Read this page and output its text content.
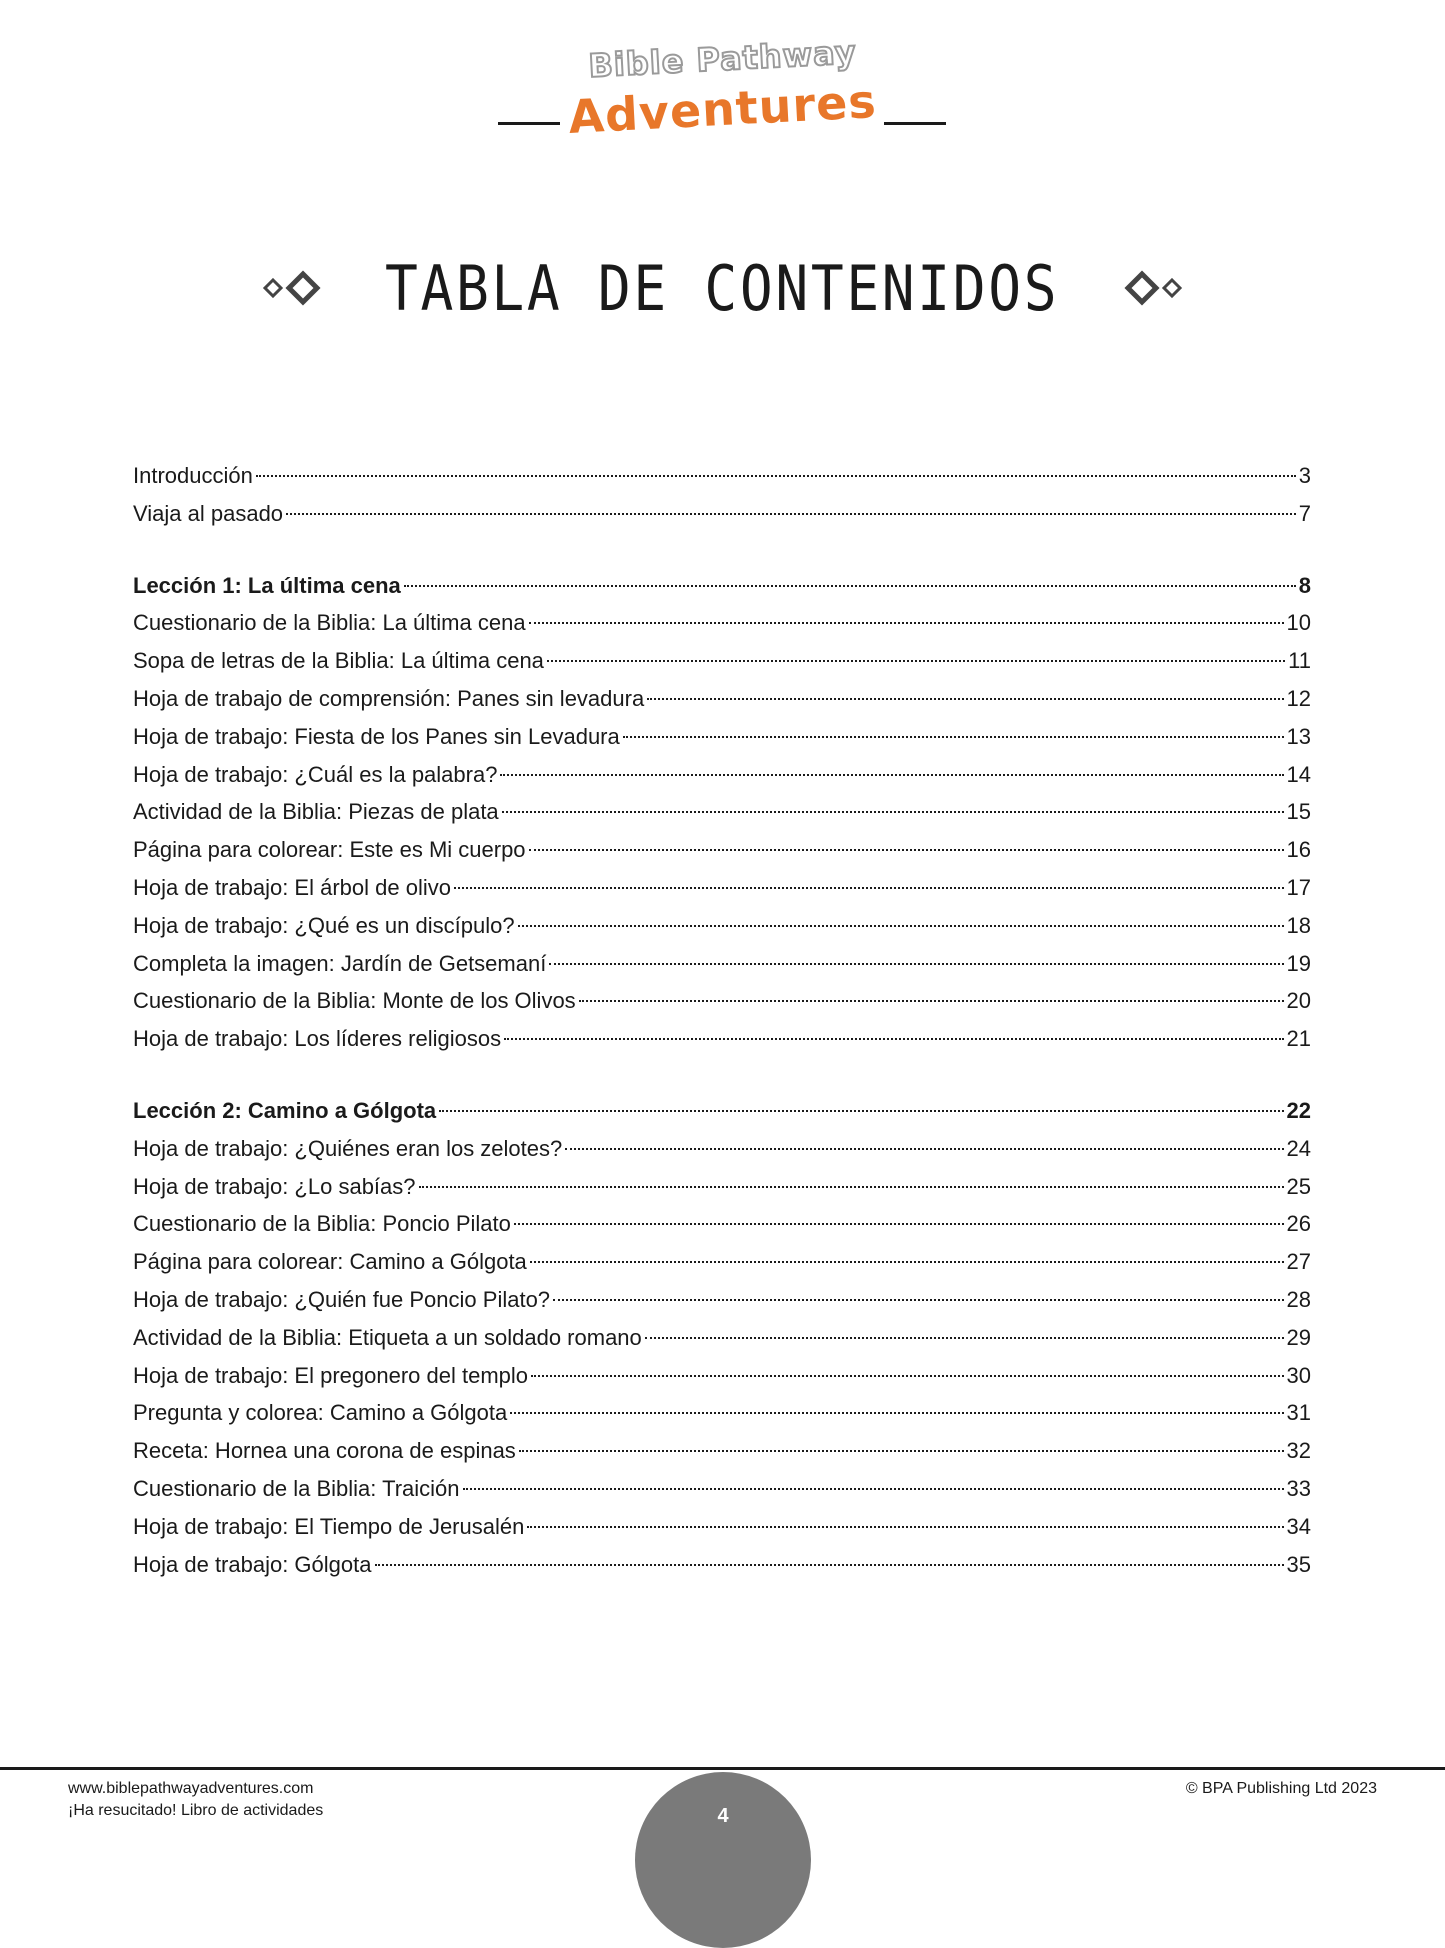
Bible Pathway
Adventures
TABLA DE CONTENIDOS
Introducción	3
Viaja al pasado	7
Lección 1: La última cena	8
Cuestionario de la Biblia: La última cena	10
Sopa de letras de la Biblia: La última cena	11
Hoja de trabajo de comprensión: Panes sin levadura	12
Hoja de trabajo: Fiesta de los Panes sin Levadura	13
Hoja de trabajo: ¿Cuál es la palabra?	14
Actividad de la Biblia: Piezas de plata	15
Página para colorear: Este es Mi cuerpo	16
Hoja de trabajo: El árbol de olivo	17
Hoja de trabajo: ¿Qué es un discípulo?	18
Completa la imagen: Jardín de Getsemaní	19
Cuestionario de la Biblia: Monte de los Olivos	20
Hoja de trabajo: Los líderes religiosos	21
Lección 2: Camino a Gólgota	22
Hoja de trabajo: ¿Quiénes eran los zelotes?	24
Hoja de trabajo: ¿Lo sabías?	25
Cuestionario de la Biblia: Poncio Pilato	26
Página para colorear: Camino a Gólgota	27
Hoja de trabajo: ¿Quién fue Poncio Pilato?	28
Actividad de la Biblia: Etiqueta a un soldado romano	29
Hoja de trabajo: El pregonero del templo	30
Pregunta y colorea: Camino a Gólgota	31
Receta: Hornea una corona de espinas	32
Cuestionario de la Biblia: Traición	33
Hoja de trabajo: El Tiempo de Jerusalén	34
Hoja de trabajo: Gólgota	35
www.biblepathwayadventures.com
¡Ha resucitado! Libro de actividades
© BPA Publishing Ltd 2023
4
